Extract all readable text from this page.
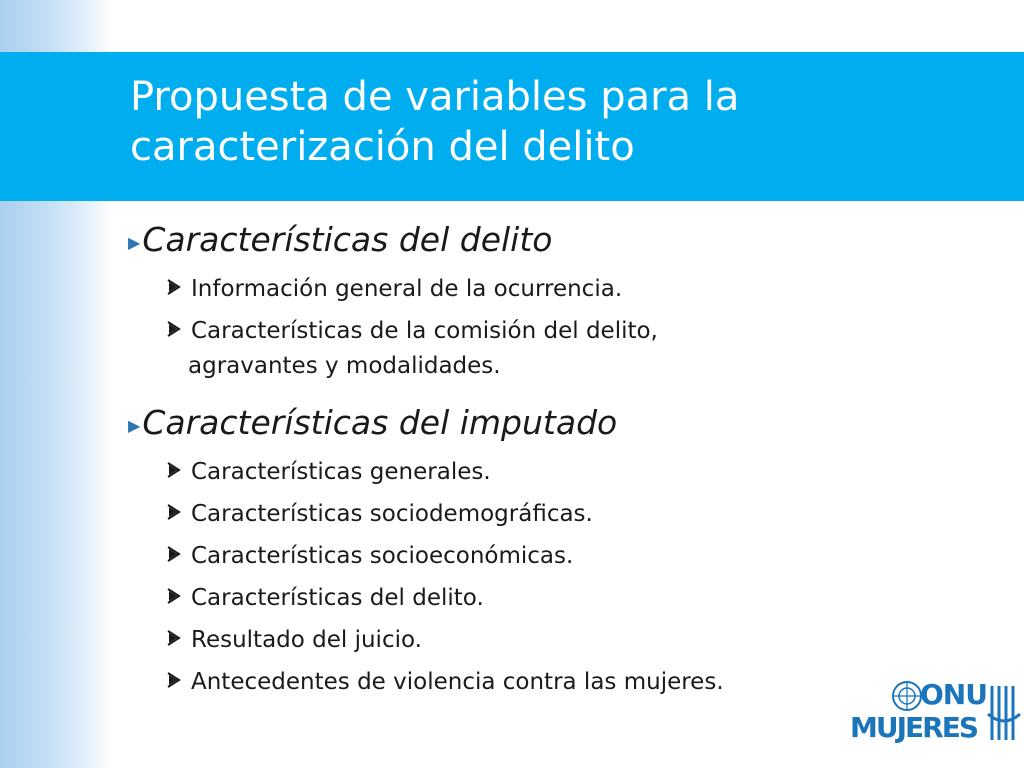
Propuesta de variables para la
caracterización del delito
▶Características del delito
Información general de la ocurrencia.
Características de la comisión del delito,
agravantes y modalidades.
▶Características del imputado
Características generales.
Características sociodemográficas.
Características socioeconómicas.
Características del delito.
Resultado del juicio.
Antecedentes de violencia contra las mujeres.	ONU
MUJERES
